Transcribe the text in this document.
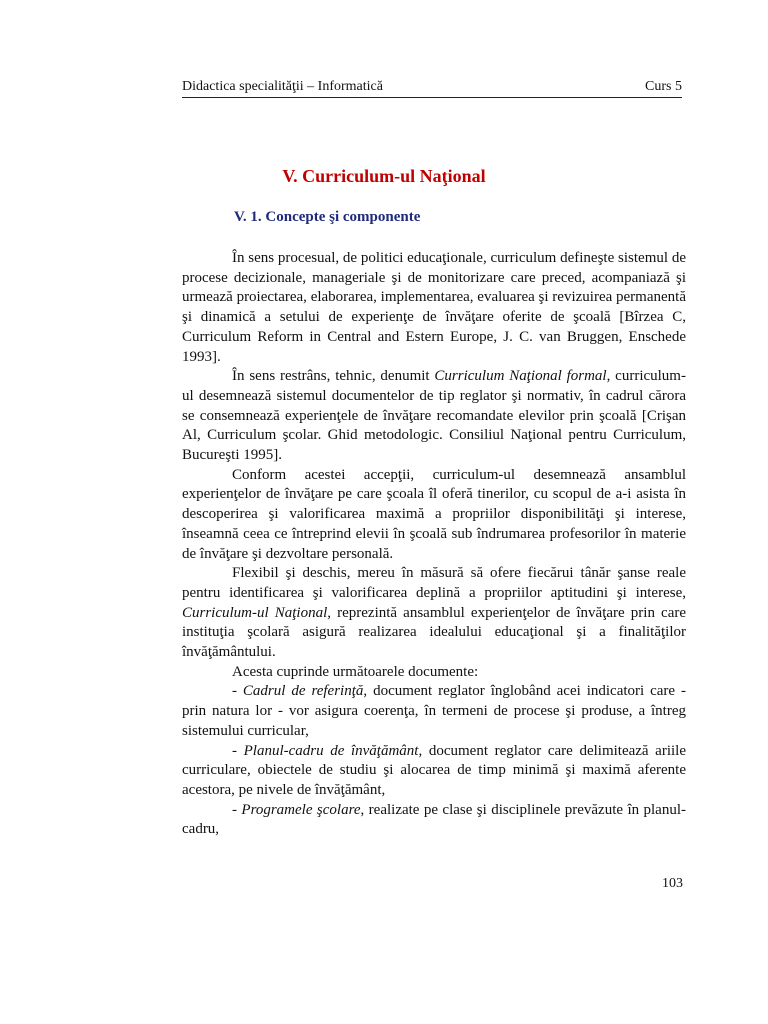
Didactica specialităţii – Informatică	Curs 5
V. Curriculum-ul Naţional
V. 1. Concepte şi componente

În sens procesual, de politici educaţionale, curriculum defineşte sistemul de procese decizionale, manageriale şi de monitorizare care preced, acompaniază şi urmează proiectarea, elaborarea, implementarea, evaluarea şi revizuirea permanentă şi dinamică a setului de experienţe de învăţare oferite de şcoală [Bîrzea C, Curriculum Reform in Central and Estern Europe, J. C. van Bruggen, Enschede 1993].

În sens restrâns, tehnic, denumit Curriculum Naţional formal, curriculum-ul desemnează sistemul documentelor de tip reglator şi normativ, în cadrul cărora se consemnează experienţele de învăţare recomandate elevilor prin şcoală [Crişan Al, Curriculum şcolar. Ghid metodologic. Consiliul Naţional pentru Curriculum, Bucureşti 1995].

Conform acestei accepţii, curriculum-ul desemnează ansamblul experienţelor de învăţare pe care şcoala îl oferă tinerilor, cu scopul de a-i asista în descoperirea şi valorificarea maximă a propriilor disponibilităţi şi interese, înseamnă ceea ce întreprind elevii în şcoală sub îndrumarea profesorilor în materie de învăţare şi dezvoltare personală.

Flexibil şi deschis, mereu în măsură să ofere fiecărui tânăr şanse reale pentru identificarea şi valorificarea deplină a propriilor aptitudini şi interese, Curriculum-ul Naţional, reprezintă ansamblul experienţelor de învăţare prin care instituţia şcolară asigură realizarea idealului educaţional şi a finalităţilor învăţământului.

Acesta cuprinde următoarele documente:

- Cadrul de referinţă, document reglator înglobând acei indicatori care - prin natura lor - vor asigura coerenţa, în termeni de procese şi produse, a întreg sistemului curricular,

- Planul-cadru de învăţământ, document reglator care delimitează ariile curriculare, obiectele de studiu şi alocarea de timp minimă şi maximă aferente acestora, pe nivele de învăţământ,

- Programele şcolare, realizate pe clase şi disciplinele prevăzute în planul-cadru,

103
